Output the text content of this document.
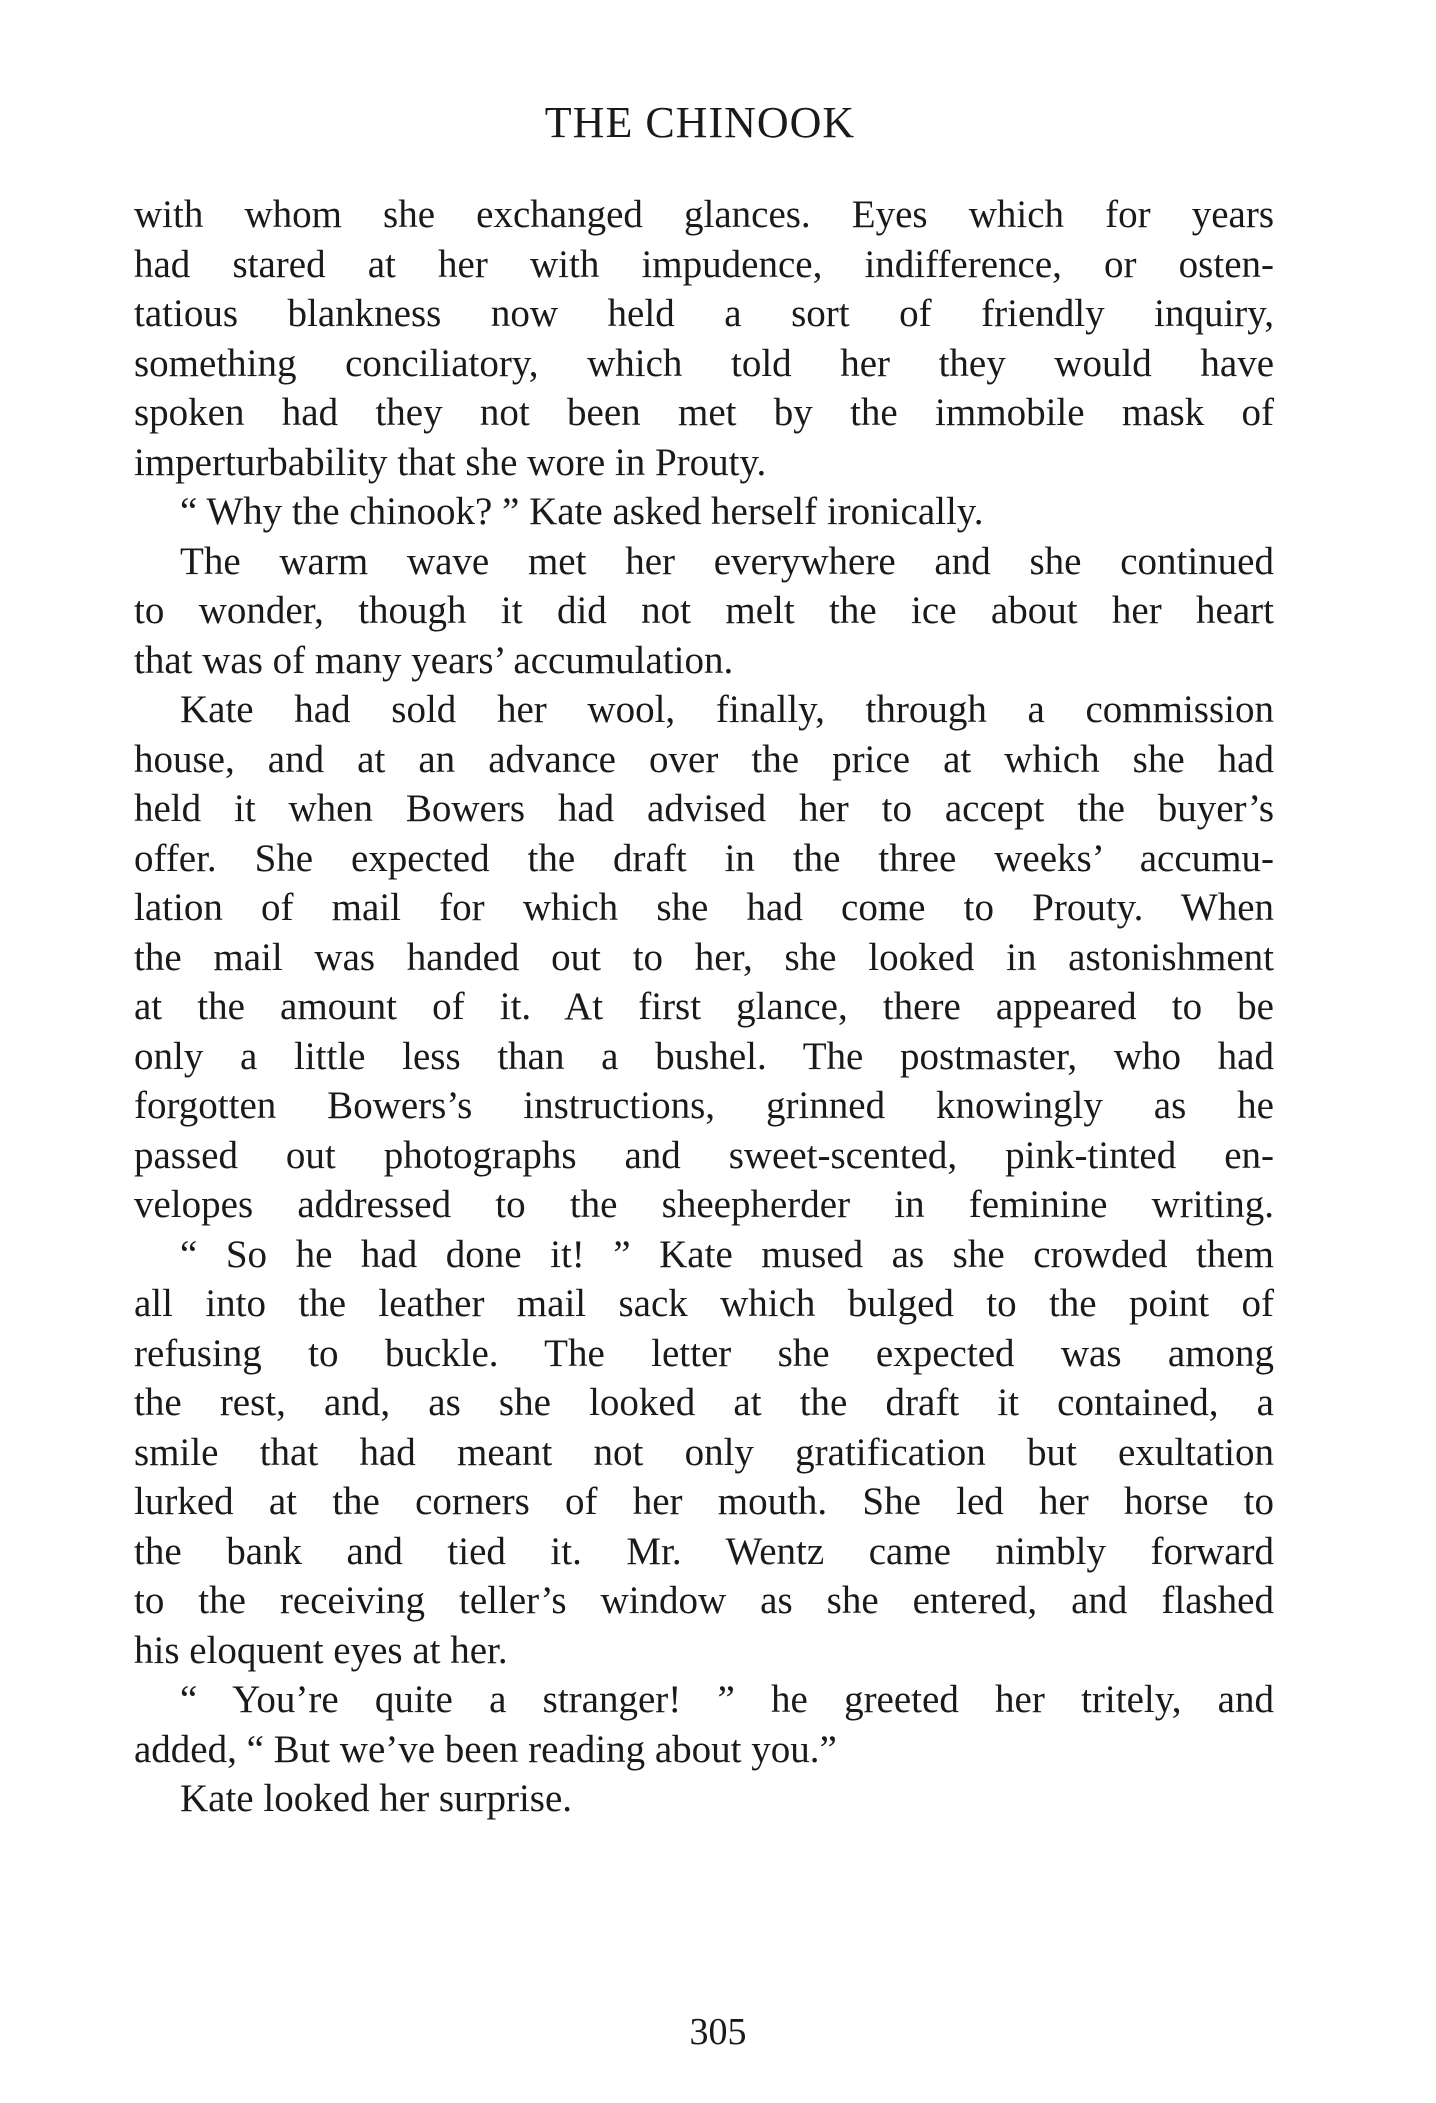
THE CHINOOK
with whom she exchanged glances. Eyes which for years
had stared at her with impudence, indifference, or osten-
tatious blankness now held a sort of friendly inquiry,
something conciliatory, which told her they would have
spoken had they not been met by the immobile mask of
imperturbability that she wore in Prouty.
“ Why the chinook? ” Kate asked herself ironically.
The warm wave met her everywhere and she continued
to wonder, though it did not melt the ice about her heart
that was of many years’ accumulation.
Kate had sold her wool, finally, through a commission
house, and at an advance over the price at which she had
held it when Bowers had advised her to accept the buyer’s
offer. She expected the draft in the three weeks’ accumu-
lation of mail for which she had come to Prouty. When
the mail was handed out to her, she looked in astonishment
at the amount of it. At first glance, there appeared to be
only a little less than a bushel. The postmaster, who had
forgotten Bowers’s instructions, grinned knowingly as he
passed out photographs and sweet-scented, pink-tinted en-
velopes addressed to the sheepherder in feminine writing.
“ So he had done it! ” Kate mused as she crowded them
all into the leather mail sack which bulged to the point of
refusing to buckle. The letter she expected was among
the rest, and, as she looked at the draft it contained, a
smile that had meant not only gratification but exultation
lurked at the corners of her mouth. She led her horse to
the bank and tied it. Mr. Wentz came nimbly forward
to the receiving teller’s window as she entered, and flashed
his eloquent eyes at her.
“ You’re quite a stranger! ” he greeted her tritely, and
added, “ But we’ve been reading about you.”
Kate looked her surprise.
305
